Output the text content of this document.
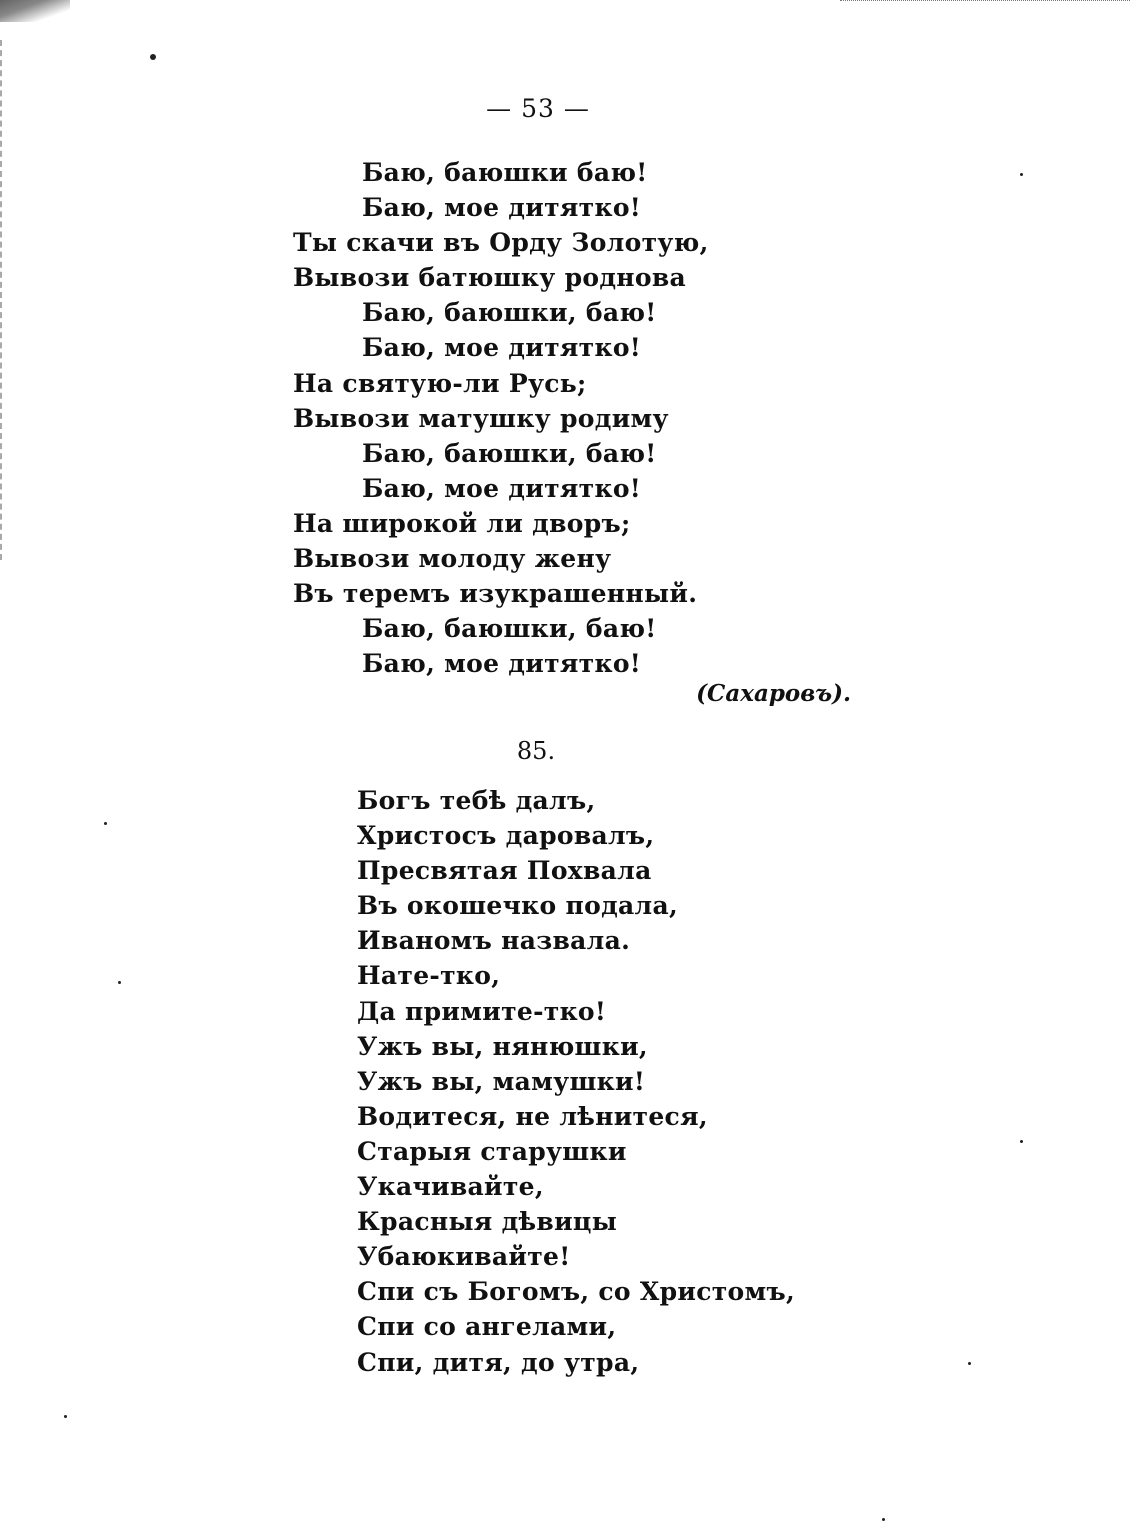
— 53 —
Баю, баюшки баю!
Баю, мое дитятко!
Ты скачи въ Орду Золотую,
Вывози батюшку роднова
Баю, баюшки, баю!
Баю, мое дитятко!
На святую-ли Русь;
Вывози матушку родиму
Баю, баюшки, баю!
Баю, мое дитятко!
На широкой ли дворъ;
Вывози молоду жену
Въ теремъ изукрашенный.
Баю, баюшки, баю!
Баю, мое дитятко!
(Сахаровъ).
85.
Богъ тебѣ далъ,
Христосъ даровалъ,
Пресвятая Похвала
Въ окошечко подала,
Иваномъ назвала.
Нате-тко,
Да примите-тко!
Ужъ вы, нянюшки,
Ужъ вы, мамушки!
Водитеся, не лѣнитеся,
Старыя старушки
Укачивайте,
Красныя дѣвицы
Убаюкивайте!
Спи съ Богомъ, со Христомъ,
Спи со ангелами,
Спи, дитя, до утра,
